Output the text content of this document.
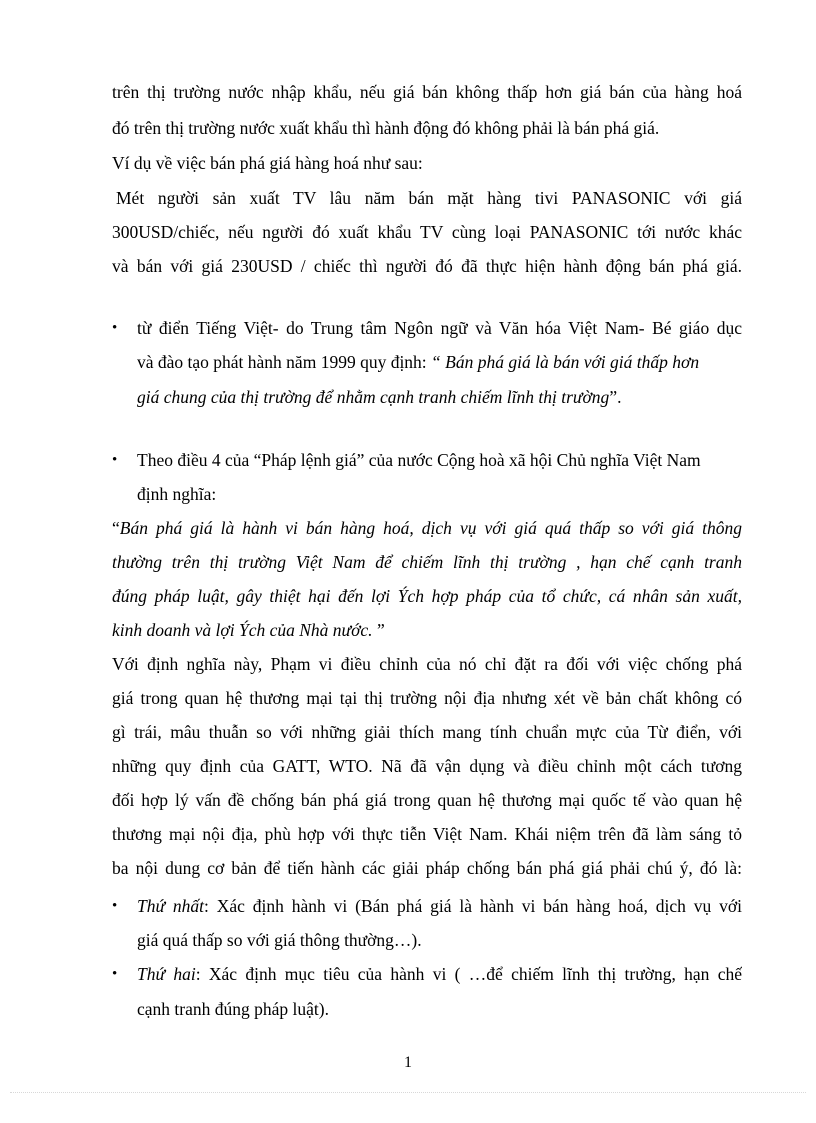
trên thị trường nước nhập khẩu, nếu giá bán không thấp hơn giá bán của hàng hoá
đó trên thị trường nước xuất khẩu thì hành động đó không phải là bán phá giá.
Ví dụ về việc bán phá giá hàng hoá như sau:
Mét người sản xuất TV lâu năm bán mặt hàng tivi PANASONIC với giá
300USD/chiếc, nếu người đó xuất khẩu TV cùng loại PANASONIC tới nước khác
và bán với giá 230USD / chiếc thì người đó đã thực hiện hành động bán phá giá.
• từ điển Tiếng Việt- do Trung tâm Ngôn ngữ và Văn hóa Việt Nam- Bé giáo dục
và đào tạo phát hành năm 1999 quy định: “ Bán phá giá là bán với giá thấp hơn
giá chung của thị trường để nhằm cạnh tranh chiếm lĩnh thị trường”.
• Theo điều 4 của “Pháp lệnh giá” của nước Cộng hoà xã hội Chủ nghĩa Việt Nam
định nghĩa:
“Bán phá giá là hành vi bán hàng hoá, dịch vụ với giá quá thấp so với giá thông
thường trên thị trường Việt Nam để chiếm lĩnh thị trường , hạn chế cạnh tranh
đúng pháp luật, gây thiệt hại đến lợi Ých hợp pháp của tổ chức, cá nhân sản xuất,
kinh doanh và lợi Ých của Nhà nước. ”
Với định nghĩa này, Phạm vi điều chỉnh của nó chỉ đặt ra đối với việc chống phá
giá trong quan hệ thương mại tại thị trường nội địa nhưng xét về bản chất không có
gì trái, mâu thuẫn so với những giải thích mang tính chuẩn mực của Từ điển, với
những quy định của GATT, WTO. Nã đã vận dụng và điều chỉnh một cách tương
đối hợp lý vấn đề chống bán phá giá trong quan hệ thương mại quốc tế vào quan hệ
thương mại nội địa, phù hợp với thực tiễn Việt Nam. Khái niệm trên đã làm sáng tỏ
ba nội dung cơ bản để tiến hành các giải pháp chống bán phá giá phải chú ý, đó là:
• Thứ nhất: Xác định hành vi (Bán phá giá là hành vi bán hàng hoá, dịch vụ với
giá quá thấp so với giá thông thường…).
• Thứ hai: Xác định mục tiêu của hành vi ( …để chiếm lĩnh thị trường, hạn chế
cạnh tranh đúng pháp luật).
1
